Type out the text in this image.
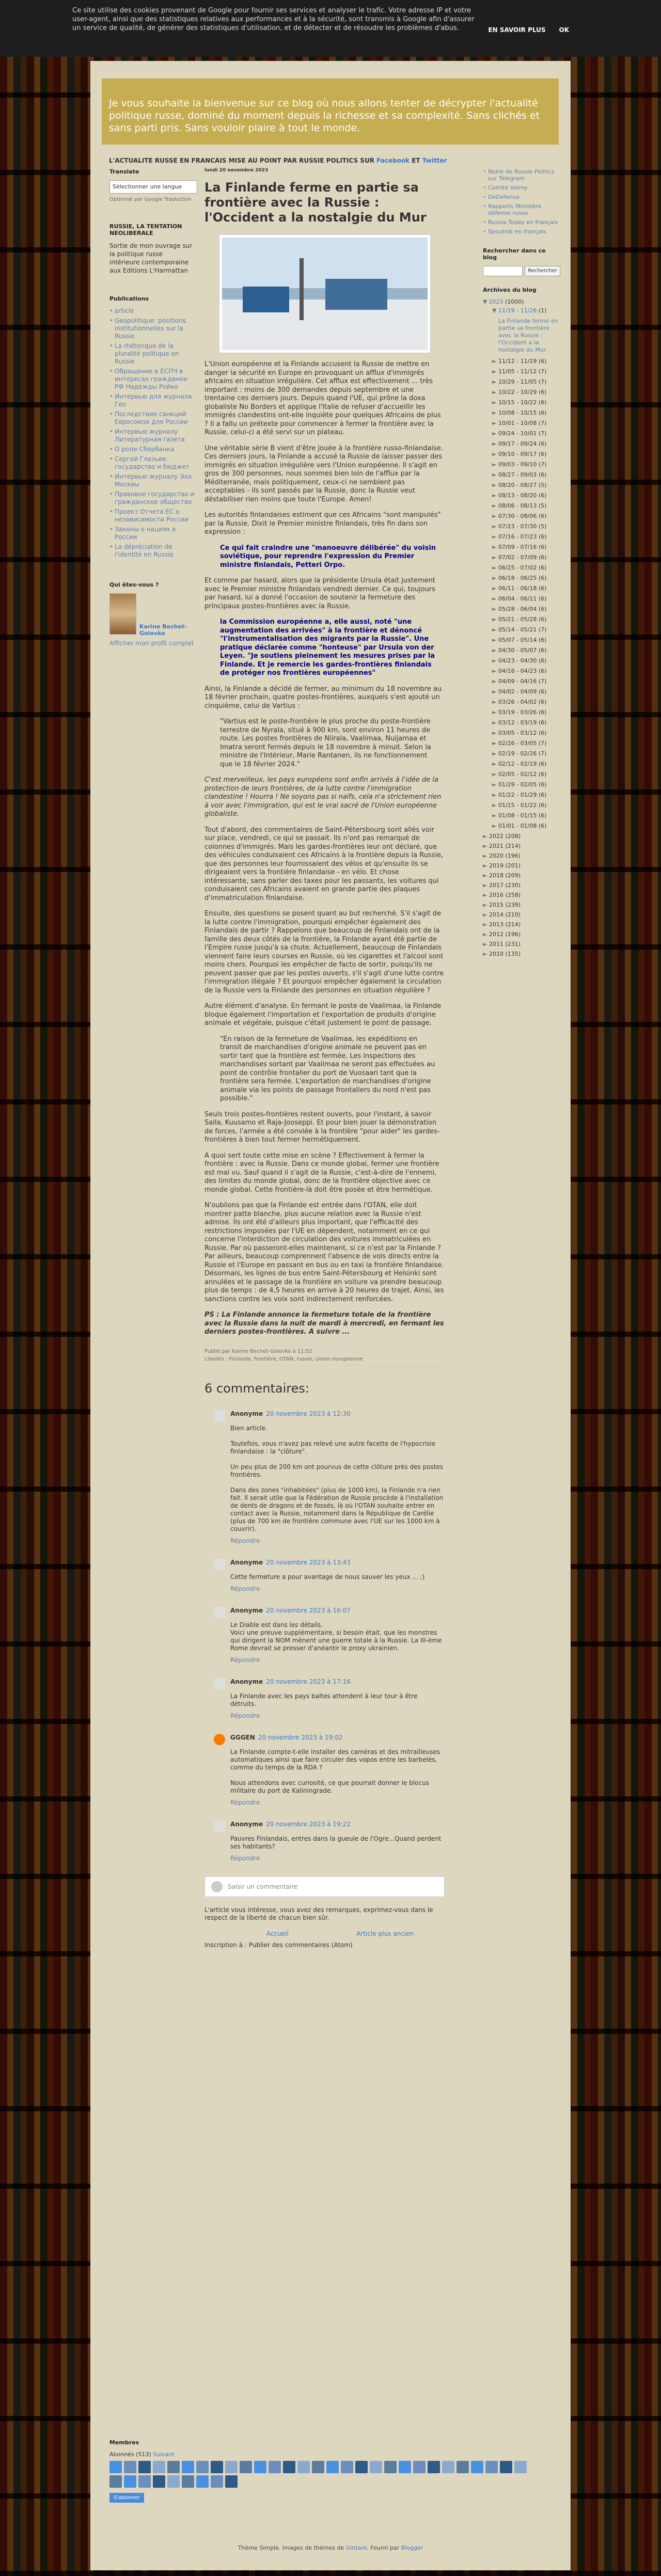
Ce site utilise des cookies provenant de Google pour fournir ses services et analyser le trafic. Votre adresse IP et votre user-agent, ainsi que des statistiques relatives aux performances et à la sécurité, sont transmis à Google afin d'assurer un service de qualité, de générer des statistiques d'utilisation, et de détecter et de résoudre les problèmes d'abus.	EN SAVOIR PLUS OK
Je vous souhaite la bienvenue sur ce blog où nous allons tenter de décrypter l'actualité politique russe, dominé du moment depuis la richesse et sa complexité. Sans clichés et sans parti pris. Sans vouloir plaire à tout le monde.
L'ACTUALITE RUSSE EN FRANCAIS MISE AU POINT PAR RUSSIE POLITICS SUR Facebook ET Twitter
Translate
Sélectionner une langue
Optimisé par Google Traduction
RUSSIE, LA TENTATION NEOLIBERALE
Sortie de mon ouvrage sur la politique russe intérieure contemporaine aux Editions L'Harmattan
Publications
• article
• Geopolitique: positions institutionnelles sur la Russie
• La rhétorique de la pluralité politique en Russie
• Обращение в ЕСПЧ в интересах гражданки РФ Надежды Ройко
• Интервью для журнала Гео
• Последствия санкций Евросоюза для России
• Интервью журналу Литературная газета
• О роли Сбербанка
• Сергей Глазьев: государство и бюджет
• Интервью журналу Эхо Москвы
• Правовое государство и гражданское общество
• Проект Отчета ЕС о независимости России
• Законы о нациях в России
• La dépréciation de l'identité en Russie
Qui êtes-vous ?
Karine Bechet-Golovko
Afficher mon profil complet
lundi 20 novembre 2023
La Finlande ferme en partie sa frontière avec la Russie : l'Occident a la nostalgie du Mur

L'Union européenne et la Finlande accusent la Russie de mettre en danger la sécurité en Europe en provoquant un afflux d'immigrés africains en situation irrégulière. Cet afflux est effectivement ... très important : moins de 300 demandes depuis septembre et une trentaine ces derniers jours. Depuis quand l'UE, qui prône la doxa globaliste No Borders et applique l'Italie de refuser d'accueillir les immigrés clandestins ont-elle inquiète pour quelques Africains de plus ? Il a fallu un prétexte pour commencer à fermer la frontière avec la Russie, celui-ci a été servi sur un plateau.

Une véritable série B vient d'être jouée à la frontière russo-finlandaise. Ces derniers jours, la Finlande a accusé la Russie de laisser passer des immigrés en situation irrégulière vers l'Union européenne. Il s'agit en gros de 300 personnes, nous sommes bien loin de l'afflux par la Méditerranée, mais politiquement, ceux-ci ne semblent pas acceptables - ils sont passés par la Russie, donc la Russie veut déstabiliser rien moins que toute l'Europe. Amen!

Les autorités finlandaises estiment que ces Africains "sont manipulés" par la Russie. Dixit le Premier ministre finlandais, très fin dans son expression :

Ce qui fait craindre une "manoeuvre délibérée" du voisin soviétique, pour reprendre l'expression du Premier ministre finlandais, Petteri Orpo.

Et comme par hasard, alors que la présidente Ursula était justement avec le Premier ministre finlandais vendredi dernier. Ce qui, toujours par hasard, lui a donné l'occasion de soutenir la fermeture des principaux postes-frontières avec la Russie.

la Commission européenne a, elle aussi, noté "une augmentation des arrivées" à la frontière et dénoncé "l'instrumentalisation des migrants par la Russie". Une pratique déclarée comme "honteuse" par Ursula von der Leyen. "Je soutiens pleinement les mesures prises par la Finlande. Et je remercie les gardes-frontières finlandais de protéger nos frontières européennes"

Ainsi, la Finlande a décidé de fermer, au minimum du 18 novembre au 18 février prochain, quatre postes-frontières, auxquels s'est ajouté un cinquième, celui de Vartius :

"Vartius est le poste-frontière le plus proche du poste-frontière terrestre de Nyrala, situé à 900 km, sont environ 11 heures de route. Les postes frontières de Niirala, Vaalimaa, Nuijamaa et Imatra seront fermés depuis le 18 novembre à minuit. Selon la ministre de l'Intérieur, Marie Rantanen, ils ne fonctionnement que le 18 février 2024."

C'est merveilleux, les pays européens sont enfin arrivés à l'idée de la protection de leurs frontières, de la lutte contre l'immigration clandestine ! Hourra ! Ne soyons pas si naïfs, cela n'a strictement rien à voir avec l'immigration, qui est le vrai sacré de l'Union européenne globaliste.

Tout d'abord, des commentaires de Saint-Pétersbourg sont allés voir sur place, vendredi, ce qui se passait. Ils n'ont pas remarqué de colonnes d'immigrés. Mais les gardes-frontières leur ont déclaré, que des véhicules conduisaient ces Africains à la frontière depuis la Russie, que des personnes leur fournissaient des vélos et qu'ensuite ils se dirigeaient vers la frontière finlandaise - en vélo. Et chose intéressante, sans parler des taxes pour les passants, les voitures qui conduisaient ces Africains avaient en grande partie des plaques d'immatriculation finlandaise.

Ensuite, des questions se posent quant au but recherché. S'il s'agit de la lutte contre l'immigration, pourquoi empêcher également des Finlandais de partir ? Rappelons que beaucoup de Finlandais ont de la famille des deux côtés de la frontière, la Finlande ayant été partie de l'Empire russe jusqu'à sa chute. Actuellement, beaucoup de Finlandais viennent faire leurs courses en Russie, où les cigarettes et l'alcool sont moins chers. Pourquoi les empêcher de facto de sortir, puisqu'ils ne peuvent passer que par les postes ouverts, s'il s'agit d'une lutte contre l'immigration illégale ? Et pourquoi empêcher également la circulation de la Russie vers la Finlande des personnes en situation régulière ?

Autre élément d'analyse. En fermant le poste de Vaalimaa, la Finlande bloque également l'importation et l'exportation de produits d'origine animale et végétale, puisque c'était justement le point de passage.

"En raison de la fermeture de Vaalimaa, les expéditions en transit de marchandises d'origine animale ne peuvent pas en sortir tant que la frontière est fermée. Les inspections des marchandises sortant par Vaalimaa ne seront pas effectuées au point de contrôle frontalier du port de Vuosaari tant que la frontière sera fermée. L'exportation de marchandises d'origine animale via les points de passage frontaliers du nord n'est pas possible."

Seuls trois postes-frontières restent ouverts, pour l'instant, à savoir Salla, Kuusamo et Raja-Jooseppi. Et pour bien jouer la démonstration de forces, l'armée a été conviée à la frontière "pour aider" les gardes-frontières à bien tout fermer hermétiquement.

A quoi sert toute cette mise en scène ? Effectivement à fermer la frontière : avec la Russie. Dans ce monde global, fermer une frontière est mal vu. Sauf quand il s'agit de la Russie, c'est-à-dire de l'ennemi, des limites du monde global, donc de la frontière objective avec ce monde global. Cette frontière-là doit être posée et être hermétique.

N'oublions pas que la Finlande est entrée dans l'OTAN, elle doit montrer patte blanche, plus aucune relation avec la Russie n'est admise. Ils ont été d'ailleurs plus important, que l'efficacité des restrictions imposées par l'UE en dépendent, notamment en ce qui concerne l'interdiction de circulation des voitures immatriculées en Russie. Par où passeront-elles maintenant, si ce n'est par la Finlande ? Par ailleurs, beaucoup comprennent l'absence de vols directs entre la Russie et l'Europe en passant en bus ou en taxi la frontière finlandaise. Désormais, les lignes de bus entre Saint-Pétersbourg et Helsinki sont annulées et le passage de la frontière en voiture va prendre beaucoup plus de temps : de 4,5 heures en arrive à 20 heures de trajet. Ainsi, les sanctions contre les voix sont indirectement renforcées.

PS : La Finlande annonce la fermeture totale de la frontière avec la Russie dans la nuit de mardi à mercredi, en fermant les derniers postes-frontières. A suivre ...

Publié par Karine Bechet-Golovko à 11:52
Libellés : Finlande, frontière, OTAN, russie, Union européenne
6 commentaires:
Anonyme 20 novembre 2023 à 12:30
Bien article.

Toutefois, vous n'avez pas relevé une autre facette de l'hypocrisie finlandaise : la "clôture".

Un peu plus de 200 km ont pourvus de cette clôture près des postes frontières.

Dans des zones "inhabitées" (plus de 1000 km), la Finlande n'a rien fait. Il serait utile que la Fédération de Russie procède à l'installation de dents de dragons et de fossés, là où l'OTAN souhaite entrer en contact avec la Russie, notamment dans la République de Carélie (plus de 700 km de frontière commune avec l'UE sur les 1000 km à couvrir).
Répondre
Anonyme 20 novembre 2023 à 13:43
Cette fermeture a pour avantage de nous sauver les yeux ... ;)
Répondre
Anonyme 20 novembre 2023 à 16:07
Le Diable est dans les détails.
Voici une preuve supplémentaire, si besoin était, que les monstres qui dirigent la NOM mènent une guerre totale à la Russie. La III-ème Rome devrait se presser d'anéantir le proxy ukrainien.
Répondre
Anonyme 20 novembre 2023 à 17:16
La Finlande avec les pays baltes attendent à leur tour à être détruits.
Répondre
GGGEN 20 novembre 2023 à 19:02
La Finlande compte-t-elle installer des caméras et des mitrailleuses automatiques ainsi que faire circuler des vopos entre les barbelés, comme du temps de la RDA ?

Nous attendons avec curiosité, ce que pourrait donner le blocus militaire du port de Kaliningrade.
Répondre
Anonyme 20 novembre 2023 à 19:22
Pauvres Finlandais, entres dans la gueule de l'Ogre...Quand perdent ses habitants?
Répondre
Saisir un commentaire
L'article vous intéresse, vous avez des remarques, exprimez-vous dans le respect de la liberté de chacun bien sûr.
Accueil	Article plus ancien
Inscription à : Publier des commentaires (Atom)
• Notre de Russie Politics sur Telegram
• Comité Valmy
• DeDefensa
• Rapports Ministère défense russe
• Russia Today en français
• Spoutnik en français
Rechercher dans ce blog
Rechercher
Archives du blog
▼ 2023 (1000)
▼ 11/19 - 11/26 (1)
La Finlande ferme en partie sa frontière avec la Russie : l'Occident a la nostalgie du Mur
► 11/12 - 11/19 (6)
► 11/05 - 11/12 (7)
► 10/29 - 11/05 (7)
► 10/22 - 10/29 (6)
► 10/15 - 10/22 (6)
► 10/08 - 10/15 (6)
► 10/01 - 10/08 (7)
► 09/24 - 10/01 (7)
► 09/17 - 09/24 (6)
► 09/10 - 09/17 (6)
► 09/03 - 09/10 (7)
► 08/27 - 09/03 (6)
► 08/20 - 08/27 (5)
► 08/13 - 08/20 (6)
► 08/06 - 08/13 (5)
► 07/30 - 08/06 (6)
► 07/23 - 07/30 (5)
► 07/16 - 07/23 (6)
► 07/09 - 07/16 (6)
► 07/02 - 07/09 (6)
► 06/25 - 07/02 (6)
► 06/18 - 06/25 (6)
► 06/11 - 06/18 (6)
► 06/04 - 06/11 (6)
► 05/28 - 06/04 (6)
► 05/21 - 05/28 (6)
► 05/14 - 05/21 (7)
► 05/07 - 05/14 (6)
► 04/30 - 05/07 (6)
► 04/23 - 04/30 (6)
► 04/16 - 04/23 (6)
► 04/09 - 04/16 (7)
► 04/02 - 04/09 (6)
► 03/26 - 04/02 (6)
► 03/19 - 03/26 (6)
► 03/12 - 03/19 (6)
► 03/05 - 03/12 (6)
► 02/26 - 03/05 (7)
► 02/19 - 02/26 (7)
► 02/12 - 02/19 (6)
► 02/05 - 02/12 (6)
► 01/29 - 02/05 (6)
► 01/22 - 01/29 (6)
► 01/15 - 01/22 (6)
► 01/08 - 01/15 (6)
► 01/01 - 01/08 (6)
► 2022 (208)
► 2021 (214)
► 2020 (196)
► 2019 (201)
► 2018 (209)
► 2017 (230)
► 2016 (258)
► 2015 (239)
► 2014 (210)
► 2013 (214)
► 2012 (196)
► 2011 (231)
► 2010 (135)
Membres
Abonnés (513) Suivant
S'abonner
Thème Simple. Images de thèmes de Gintare. Fourni par Blogger
